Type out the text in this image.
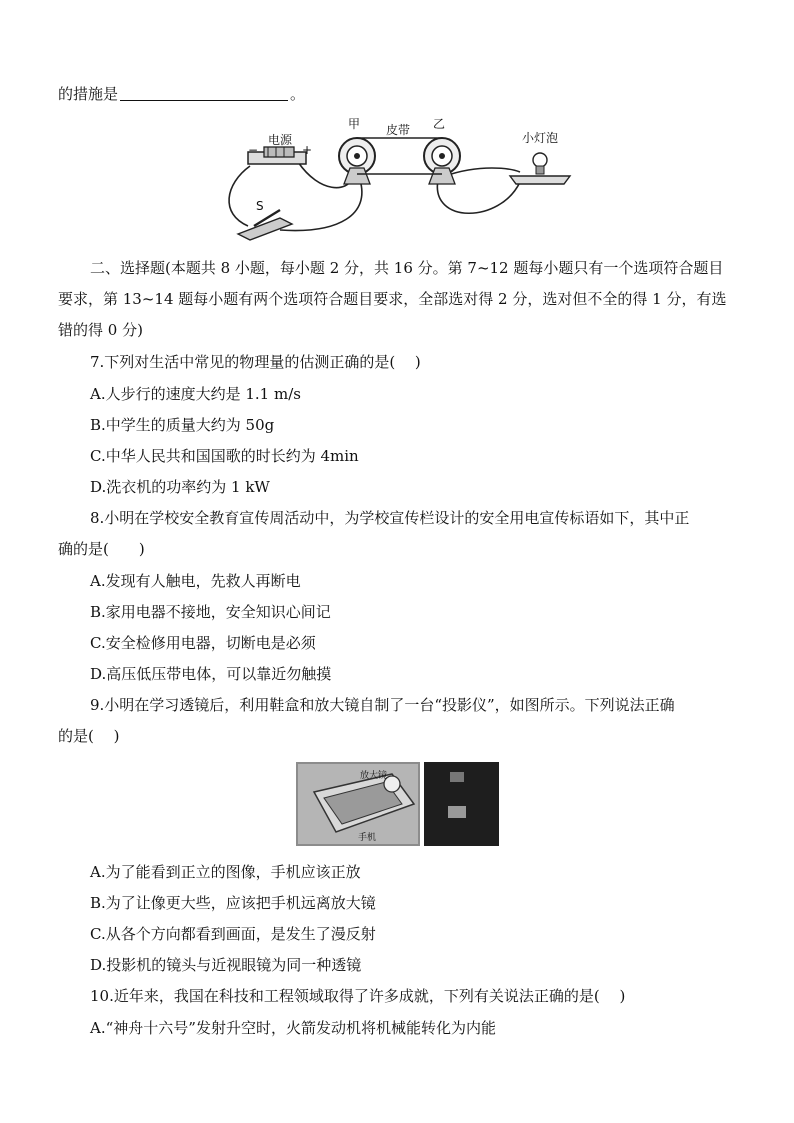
的措施是	。
电源
−	+
甲 皮带 乙
小灯泡
S
二、选择题(本题共 8 小题，每小题 2 分，共 16 分。第 7~12 题每小题只有一个选项符合题目
要求，第 13~14 题每小题有两个选项符合题目要求，全部选对得 2 分，选对但不全的得 1 分，有选
错的得 0 分)
7.下列对生活中常见的物理量的估测正确的是(　 )
A.人步行的速度大约是 1.1 m/s
B.中学生的质量大约为 50g
C.中华人民共和国国歌的时长约为 4min
D.洗衣机的功率约为 1 kW
8.小明在学校安全教育宣传周活动中，为学校宣传栏设计的安全用电宣传标语如下，其中正
确的是(　　)
A.发现有人触电，先救人再断电
B.家用电器不接地，安全知识心间记
C.安全检修用电器，切断电是必须
D.高压低压带电体，可以靠近勿触摸
9.小明在学习透镜后，利用鞋盒和放大镜自制了一台“投影仪”，如图所示。下列说法正确
的是(　 )
放大镜
手机
A.为了能看到正立的图像，手机应该正放
B.为了让像更大些，应该把手机远离放大镜
C.从各个方向都看到画面，是发生了漫反射
D.投影机的镜头与近视眼镜为同一种透镜
10.近年来，我国在科技和工程领域取得了许多成就，下列有关说法正确的是(　 )
A.“神舟十六号”发射升空时，火箭发动机将机械能转化为内能
